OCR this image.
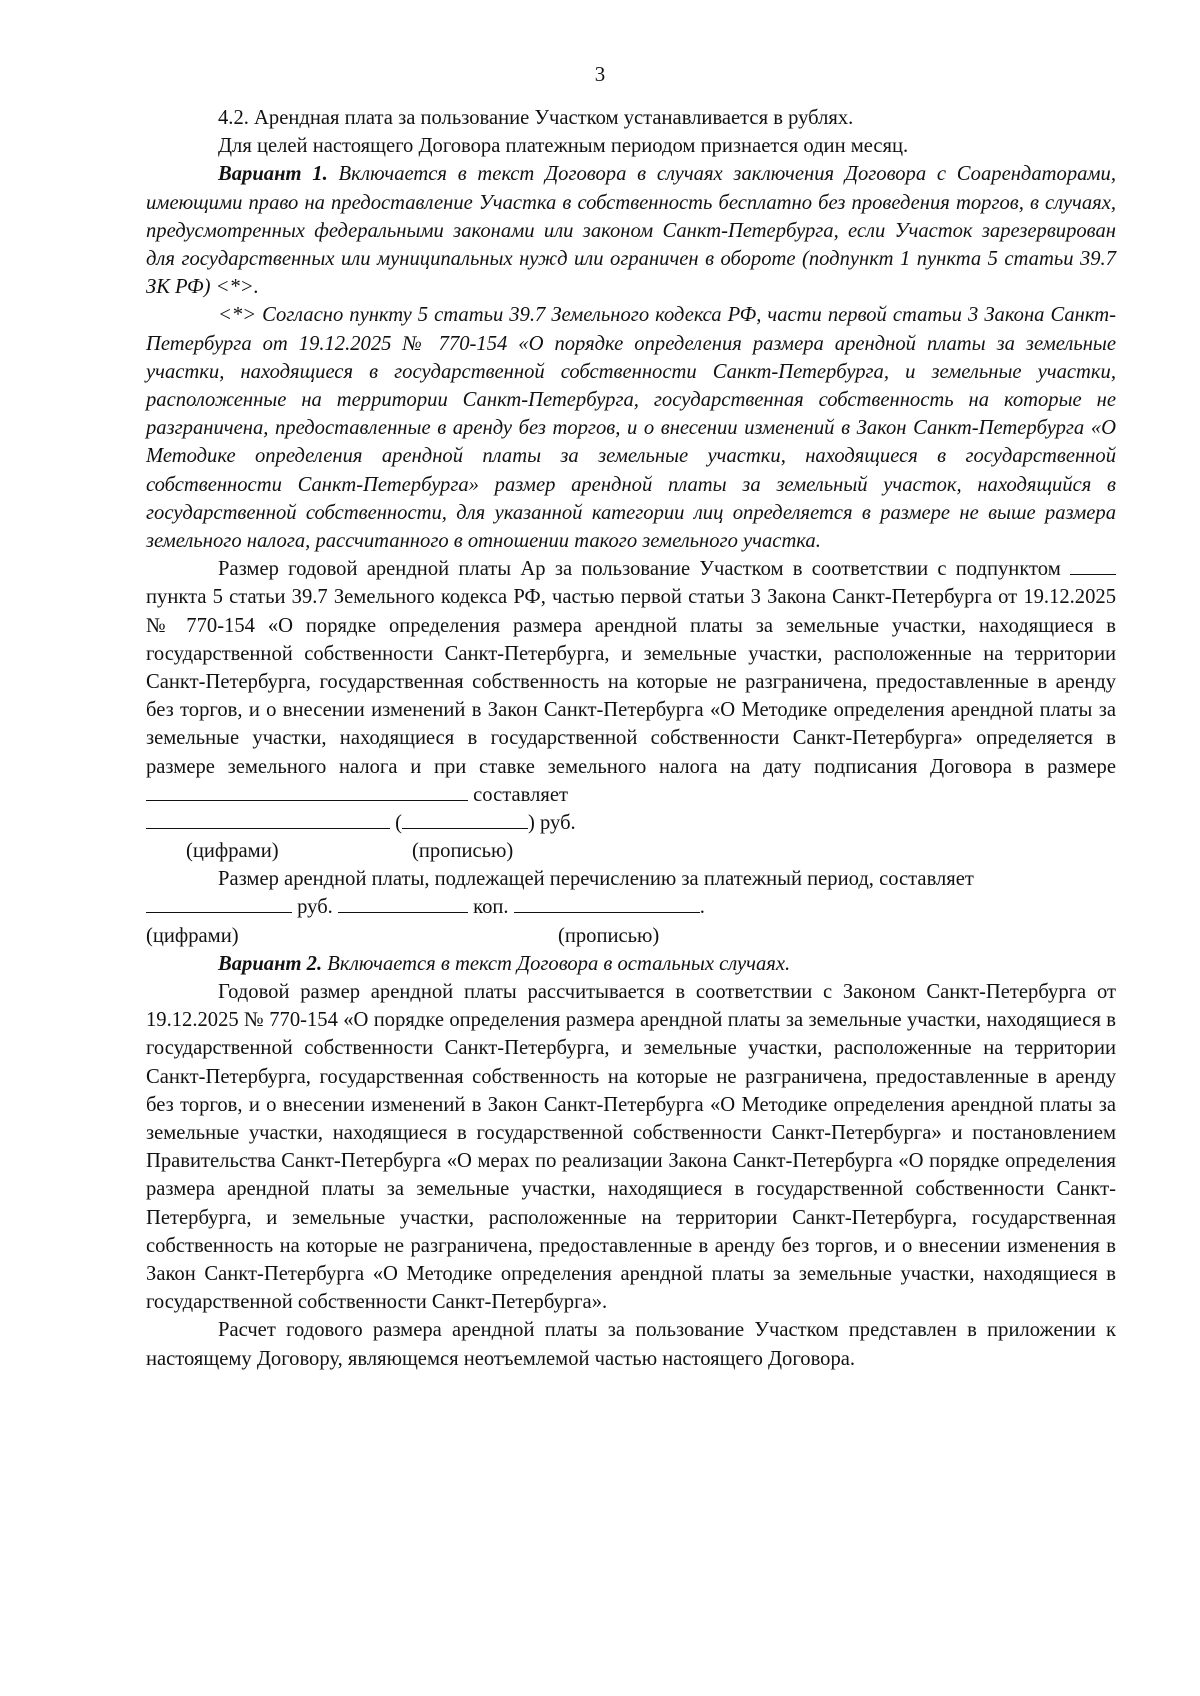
3

4.2. Арендная плата за пользование Участком устанавливается в рублях.

Для целей настоящего Договора платежным периодом признается один месяц.

Вариант 1. Включается в текст Договора в случаях заключения Договора с Соарендаторами, имеющими право на предоставление Участка в собственность бесплатно без проведения торгов, в случаях, предусмотренных федеральными законами или законом Санкт-Петербурга, если Участок зарезервирован для государственных или муниципальных нужд или ограничен в обороте (подпункт 1 пункта 5 статьи 39.7 ЗК РФ) <*>.

<*> Согласно пункту 5 статьи 39.7 Земельного кодекса РФ, части первой статьи 3 Закона Санкт-Петербурга от 19.12.2025 № 770-154 «О порядке определения размера арендной платы за земельные участки, находящиеся в государственной собственности Санкт-Петербурга, и земельные участки, расположенные на территории Санкт-Петербурга, государственная собственность на которые не разграничена, предоставленные в аренду без торгов, и о внесении изменений в Закон Санкт-Петербурга «О Методике определения арендной платы за земельные участки, находящиеся в государственной собственности Санкт-Петербурга» размер арендной платы за земельный участок, находящийся в государственной собственности, для указанной категории лиц определяется в размере не выше размера земельного налога, рассчитанного в отношении такого земельного участка.

Размер годовой арендной платы Ар за пользование Участком в соответствии с подпунктом  пункта 5 статьи 39.7 Земельного кодекса РФ, частью первой статьи 3 Закона Санкт-Петербурга от 19.12.2025 № 770-154 «О порядке определения размера арендной платы за земельные участки, находящиеся в государственной собственности Санкт-Петербурга, и земельные участки, расположенные на территории Санкт-Петербурга, государственная собственность на которые не разграничена, предоставленные в аренду без торгов, и о внесении изменений в Закон Санкт-Петербурга «О Методике определения арендной платы за земельные участки, находящиеся в государственной собственности Санкт-Петербурга» определяется в размере земельного налога и при ставке земельного налога на дату подписания Договора в размере  составляет

(	) руб.
(цифрами)	(прописью)

Размер арендной платы, подлежащей перечислению за платежный период, составляет

руб.	коп.	.
(цифрами)	(прописью)

Вариант 2. Включается в текст Договора в остальных случаях.

Годовой размер арендной платы рассчитывается в соответствии с Законом Санкт-Петербурга от 19.12.2025 № 770-154 «О порядке определения размера арендной платы за земельные участки, находящиеся в государственной собственности Санкт-Петербурга, и земельные участки, расположенные на территории Санкт-Петербурга, государственная собственность на которые не разграничена, предоставленные в аренду без торгов, и о внесении изменений в Закон Санкт-Петербурга «О Методике определения арендной платы за земельные участки, находящиеся в государственной собственности Санкт-Петербурга» и постановлением Правительства Санкт-Петербурга «О мерах по реализации Закона Санкт-Петербурга «О порядке определения размера арендной платы за земельные участки, находящиеся в государственной собственности Санкт-Петербурга, и земельные участки, расположенные на территории Санкт-Петербурга, государственная собственность на которые не разграничена, предоставленные в аренду без торгов, и о внесении изменения в Закон Санкт-Петербурга «О Методике определения арендной платы за земельные участки, находящиеся в государственной собственности Санкт-Петербурга».

Расчет годового размера арендной платы за пользование Участком представлен в приложении к настоящему Договору, являющемся неотъемлемой частью настоящего Договора.
